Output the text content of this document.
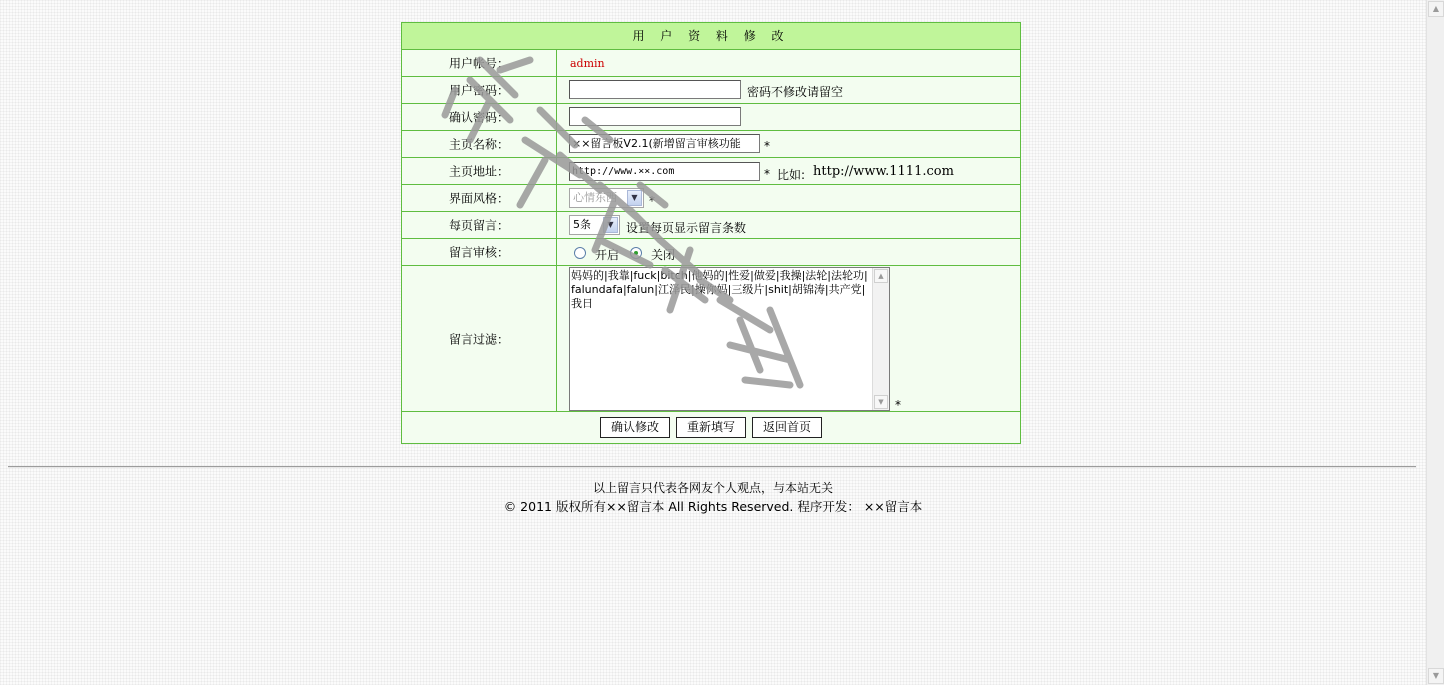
用 户 资 料 修 改
用户帐号：	admin
用户密码：	密码不修改请留空
确认密码：
主页名称：	××留言板V2.1(新增留言审核功能	*
主页地址：	http://www.××.com	* 比如: http://www.1111.com
界面风格：	心情东西	▼ *
每页留言：	5条	▼	设置每页显示留言条数
留言审核：	开启	关闭
留言过滤：
妈妈的|我靠|fuck|bitch|他妈的|性爱|做爱|我操|法轮|法轮功|falundafa|falun|江泽民|操你妈|三级片|shit|胡锦涛|共产党|我日
▲
▼ *
确认修改	重新填写	返回首页
以上留言只代表各网友个人观点，与本站无关
© 2011 版权所有××留言本 All Rights Reserved. 程序开发： ××留言本
▲
▼
